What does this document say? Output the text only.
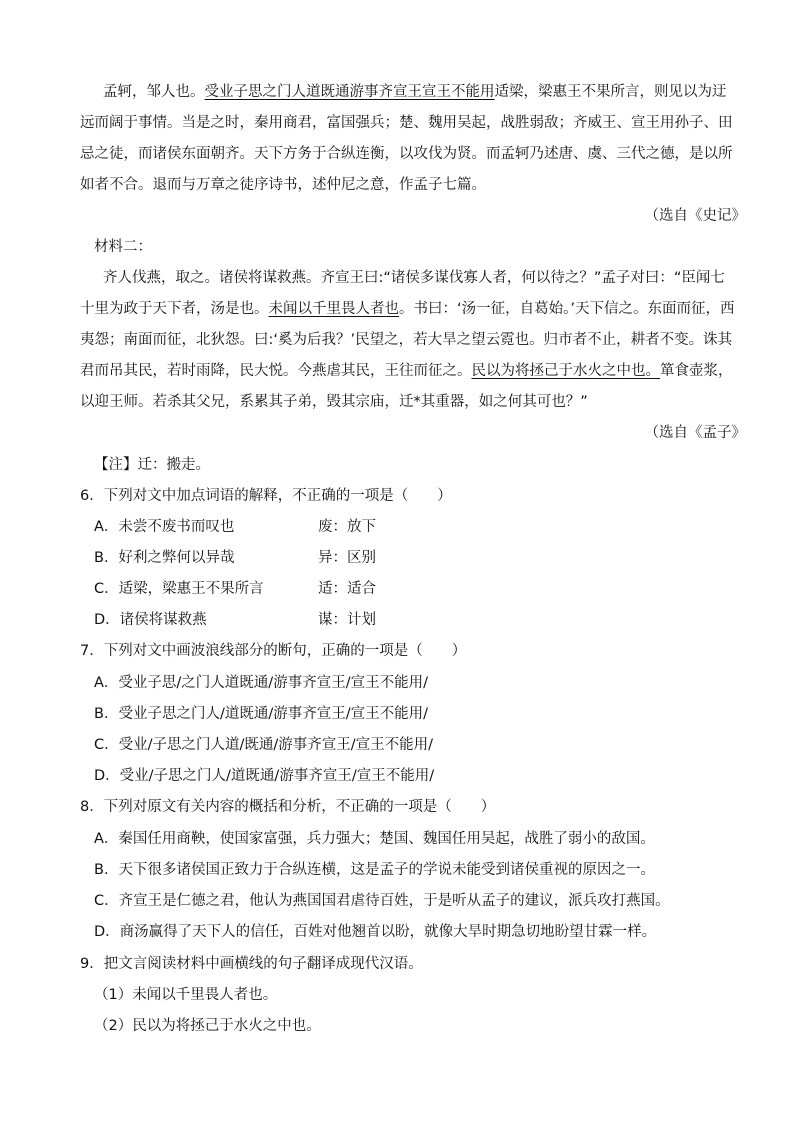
孟轲，邹人也。受业子思之门人道既通游事齐宣王宣王不能用适梁，梁惠王不果所言，则见以为迂
远而阔于事情。当是之时，秦用商君，富国强兵；楚、魏用吴起，战胜弱敌；齐威王、宣王用孙子、田
忌之徒，而诸侯东面朝齐。天下方务于合纵连衡，以攻伐为贤。而孟轲乃述唐、虞、三代之德，是以所
如者不合。退而与万章之徒序诗书，述仲尼之意，作孟子七篇。
（选自《史记》
材料二：
齐人伐燕，取之。诸侯将谋救燕。齐宣王曰:“诸侯多谋伐寡人者，何以待之？”孟子对曰：“臣闻七
十里为政于天下者，汤是也。未闻以千里畏人者也。书曰：‘汤一征，自葛始。’天下信之。东面而征，西
夷怨；南面而征，北狄怨。曰:‘奚为后我？’民望之，若大旱之望云霓也。归市者不止，耕者不变。诛其
君而吊其民，若时雨降，民大悦。今燕虐其民，王往而征之。民以为将拯己于水火之中也。箪食壶浆，
以迎王师。若杀其父兄，系累其子弟，毁其宗庙，迁*其重器，如之何其可也？”
（选自《孟子》
【注】迁：搬走。
6．下列对文中加点词语的解释，不正确的一项是（　　）
A．未尝不废书而叹也	废：放下
B．好利之弊何以异哉	异：区别
C．适梁，梁惠王不果所言	适：适合
D．诸侯将谋救燕	谋：计划
7．下列对文中画波浪线部分的断句，正确的一项是（　　）
A．受业子思/之门人道既通/游事齐宣王/宣王不能用/
B．受业子思之门人/道既通/游事齐宣王/宣王不能用/
C．受业/子思之门人道/既通/游事齐宣王/宣王不能用/
D．受业/子思之门人/道既通/游事齐宣王/宣王不能用/
8．下列对原文有关内容的概括和分析，不正确的一项是（　　）
A．秦国任用商鞅，使国家富强，兵力强大；楚国、魏国任用吴起，战胜了弱小的敌国。
B．天下很多诸侯国正致力于合纵连横，这是孟子的学说未能受到诸侯重视的原因之一。
C．齐宣王是仁德之君，他认为燕国国君虐待百姓，于是听从孟子的建议，派兵攻打燕国。
D．商汤赢得了天下人的信任，百姓对他翘首以盼，就像大旱时期急切地盼望甘霖一样。
9．把文言阅读材料中画横线的句子翻译成现代汉语。
（1）未闻以千里畏人者也。
（2）民以为将拯己于水火之中也。
